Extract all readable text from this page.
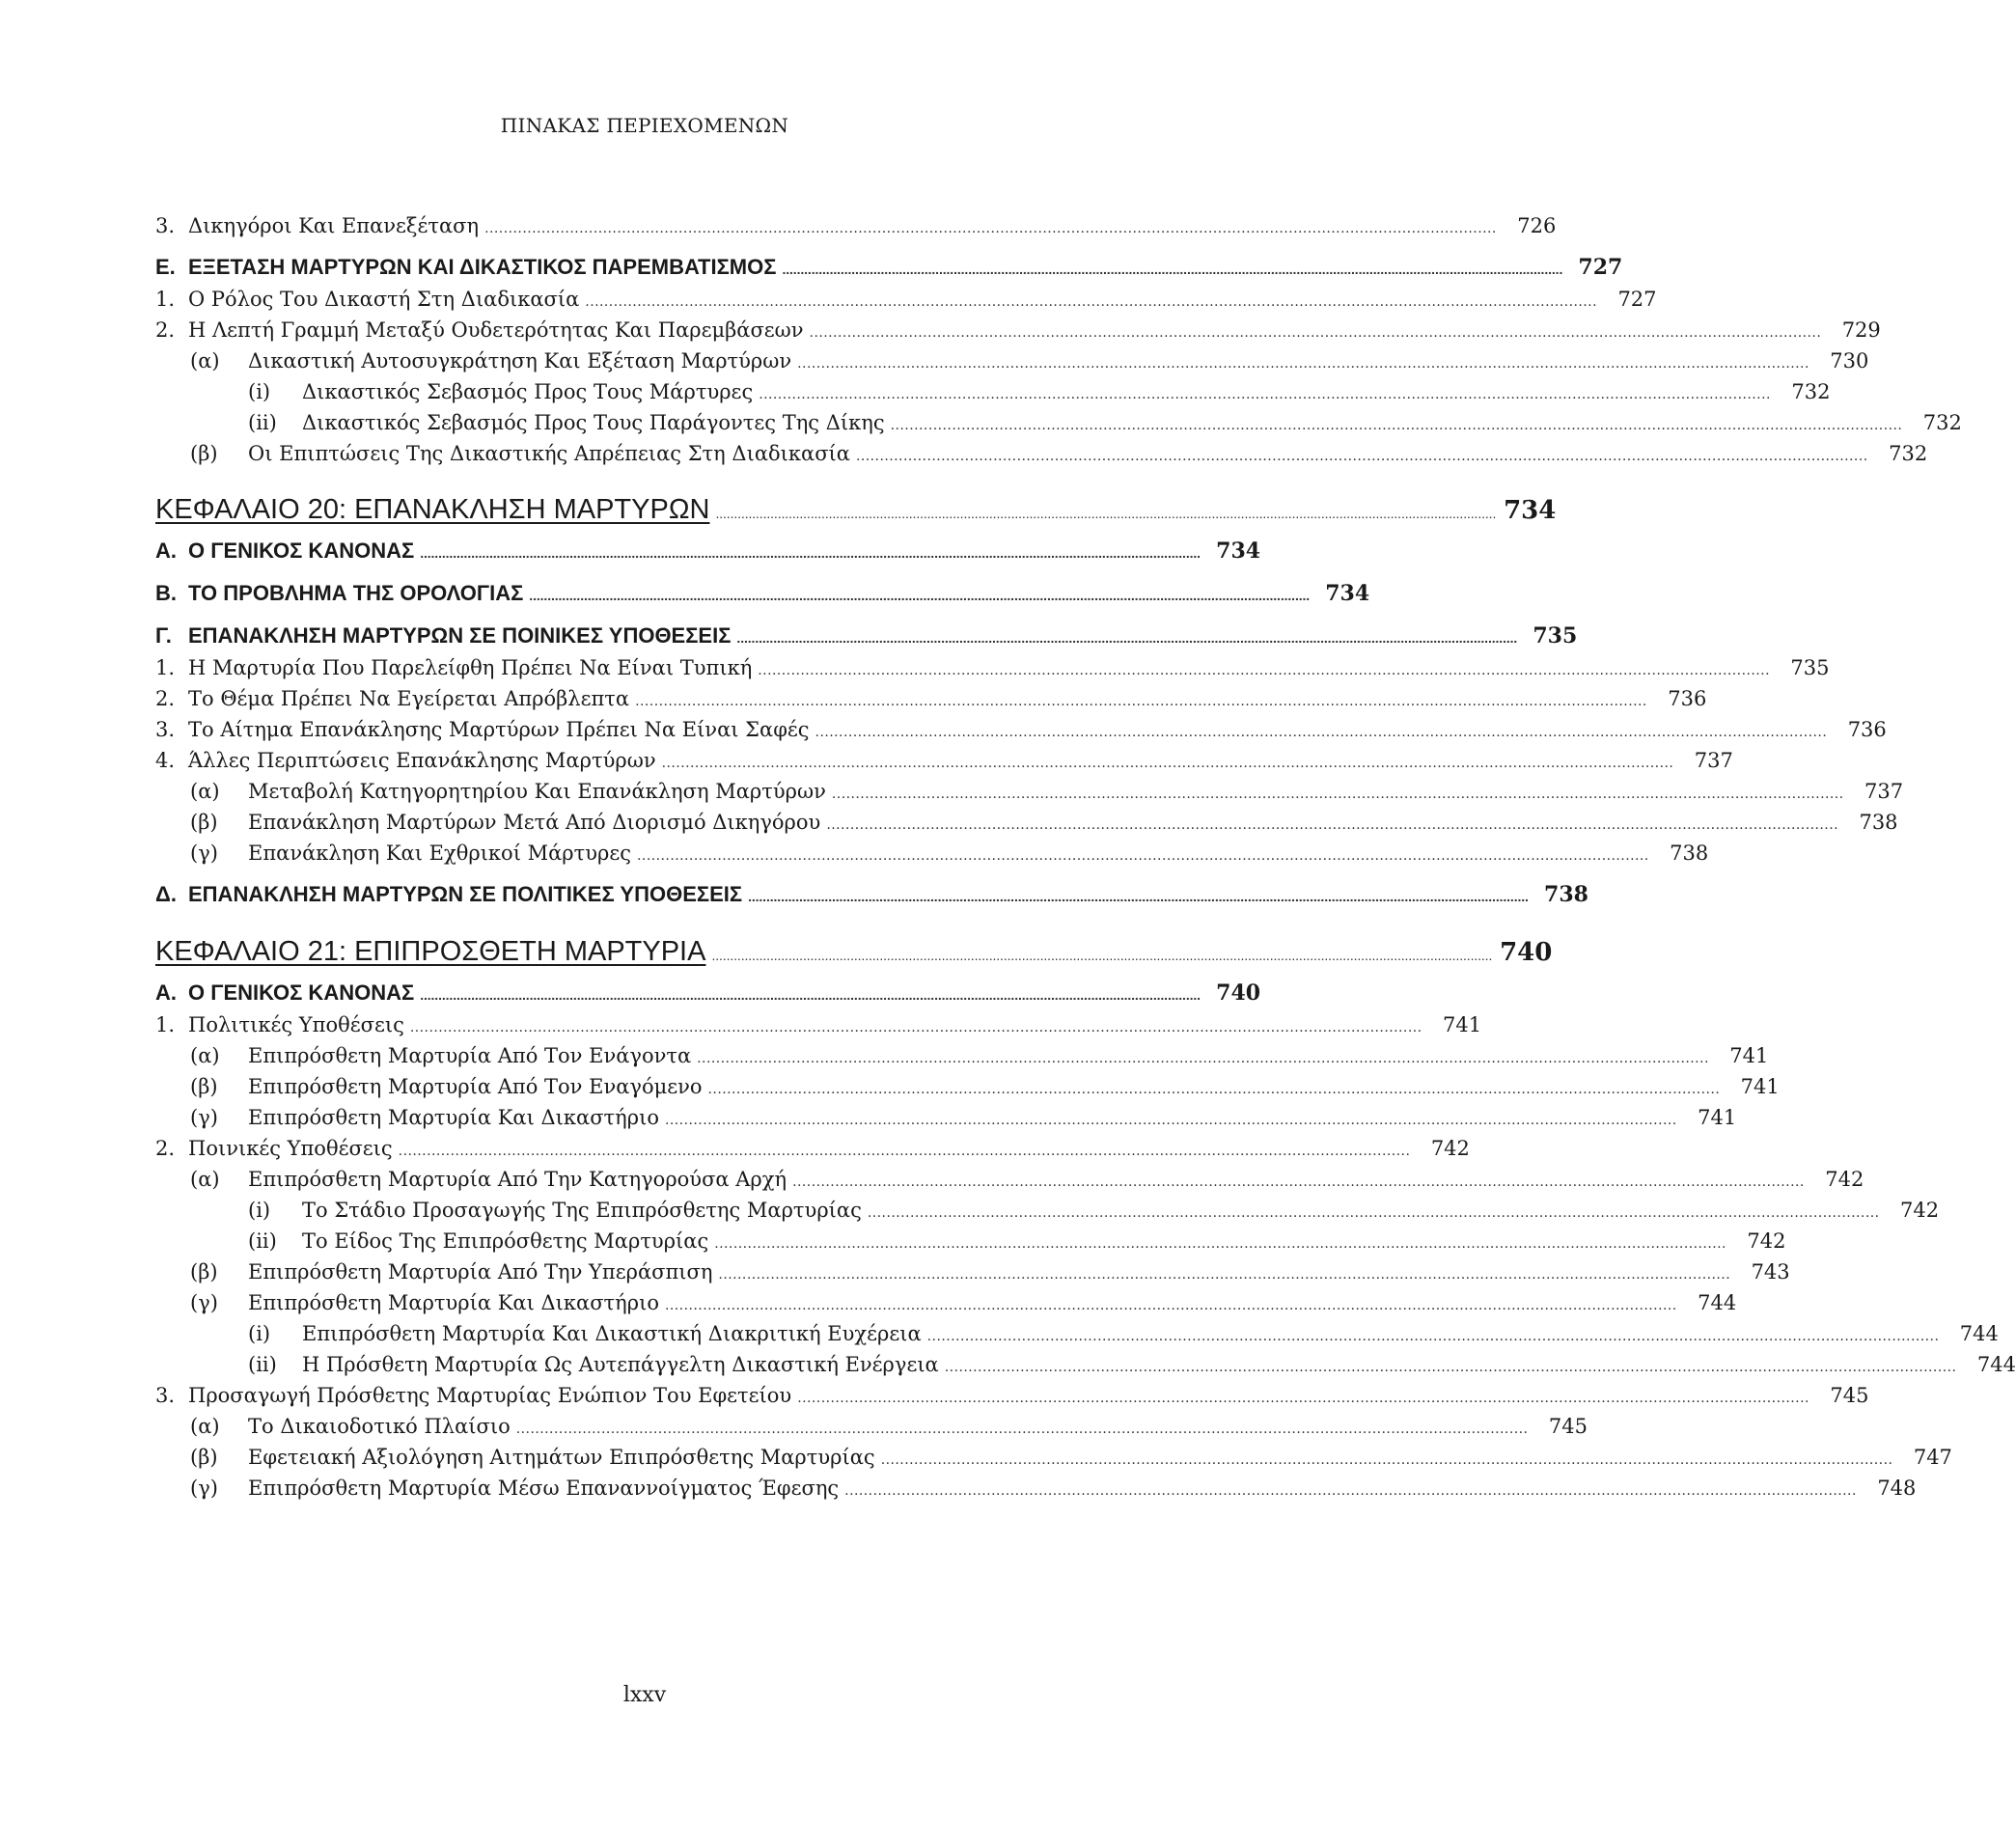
ΠΙΝΑΚΑΣ ΠΕΡΙΕΧΟΜΕΝΩΝ
3. Δικηγόροι Και Επανεξέταση . . .	726
Ε. ΕΞΕΤΑΣΗ ΜΑΡΤΥΡΩΝ ΚΑΙ ΔΙΚΑΣΤΙΚΟΣ ΠΑΡΕΜΒΑΤΙΣΜΟΣ . . .	727
1. Ο Ρόλος Του Δικαστή Στη Διαδικασία . . .	727
2. Η Λεπτή Γραμμή Μεταξύ Ουδετερότητας Και Παρεμβάσεων . . .	729
(α)	Δικαστική Αυτοσυγκράτηση Και Εξέταση Μαρτύρων . . .	730
(i)	Δικαστικός Σεβασμός Προς Τους Μάρτυρες . . .	732
(ii)	Δικαστικός Σεβασμός Προς Τους Παράγοντες Της Δίκης . . .	732
(β)	Οι Επιπτώσεις Της Δικαστικής Απρέπειας Στη Διαδικασία . . .	732
ΚΕΦΑΛΑΙΟ 20: ΕΠΑΝΑΚΛΗΣΗ ΜΑΡΤΥΡΩΝ . . .	734
Α. Ο ΓΕΝΙΚΟΣ ΚΑΝΟΝΑΣ . . .	734
Β. ΤΟ ΠΡΟΒΛΗΜΑ ΤΗΣ ΟΡΟΛΟΓΙΑΣ . . .	734
Γ. ΕΠΑΝΑΚΛΗΣΗ ΜΑΡΤΥΡΩΝ ΣΕ ΠΟΙΝΙΚΕΣ ΥΠΟΘΕΣΕΙΣ . . .	735
1. Η Μαρτυρία Που Παρελείφθη Πρέπει Να Είναι Τυπική . . .	735
2. Το Θέμα Πρέπει Να Εγείρεται Απρόβλεπτα . . .	736
3. Το Αίτημα Επανάκλησης Μαρτύρων Πρέπει Να Είναι Σαφές . . .	736
4. Άλλες Περιπτώσεις Επανάκλησης Μαρτύρων . . .	737
(α)	Μεταβολή Κατηγορητηρίου Και Επανάκληση Μαρτύρων . . .	737
(β)	Επανάκληση Μαρτύρων Μετά Από Διορισμό Δικηγόρου . . .	738
(γ)	Επανάκληση Και Εχθρικοί Μάρτυρες . . .	738
Δ. ΕΠΑΝΑΚΛΗΣΗ ΜΑΡΤΥΡΩΝ ΣΕ ΠΟΛΙΤΙΚΕΣ ΥΠΟΘΕΣΕΙΣ . . .	738
ΚΕΦΑΛΑΙΟ 21: ΕΠΙΠΡΟΣΘΕΤΗ ΜΑΡΤΥΡΙΑ . . .	740
Α. Ο ΓΕΝΙΚΟΣ ΚΑΝΟΝΑΣ . . .	740
1. Πολιτικές Υποθέσεις . . .	741
(α)	Επιπρόσθετη Μαρτυρία Από Τον Ενάγοντα . . .	741
(β)	Επιπρόσθετη Μαρτυρία Από Τον Εναγόμενο . . .	741
(γ)	Επιπρόσθετη Μαρτυρία Και Δικαστήριο . . .	741
2. Ποινικές Υποθέσεις . . .	742
(α)	Επιπρόσθετη Μαρτυρία Από Την Κατηγορούσα Αρχή . . .	742
(i)	Το Στάδιο Προσαγωγής Της Επιπρόσθετης Μαρτυρίας . . .	742
(ii)	Το Είδος Της Επιπρόσθετης Μαρτυρίας . . .	742
(β)	Επιπρόσθετη Μαρτυρία Από Την Υπεράσπιση . . .	743
(γ)	Επιπρόσθετη Μαρτυρία Και Δικαστήριο . . .	744
(i)	Επιπρόσθετη Μαρτυρία Και Δικαστική Διακριτική Ευχέρεια . . .	744
(ii)	Η Πρόσθετη Μαρτυρία Ως Αυτεπάγγελτη Δικαστική Ενέργεια . . .	744
3. Προσαγωγή Πρόσθετης Μαρτυρίας Ενώπιον Του Εφετείου . . .	745
(α)	Το Δικαιοδοτικό Πλαίσιο . . .	745
(β)	Εφετειακή Αξιολόγηση Αιτημάτων Επιπρόσθετης Μαρτυρίας . . .	747
(γ)	Επιπρόσθετη Μαρτυρία Μέσω Επαναννοίγματος Έφεσης . . .	748
lxxv
